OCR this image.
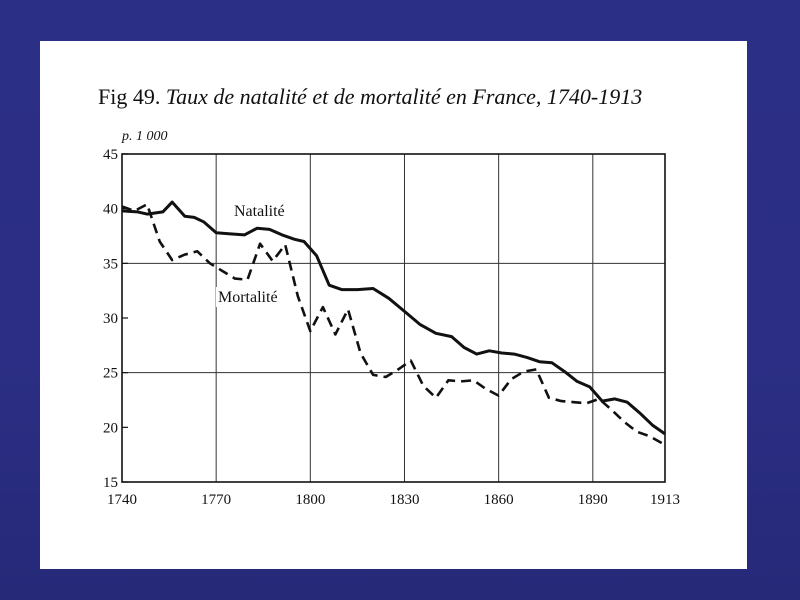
Fig 49. Taux de natalité et de mortalité en France, 1740-1913
1740	1770	1800	1830	1860	1890	1913
15
20
25
30
35
40
45
p. 1 000
Natalité
Mortalité
